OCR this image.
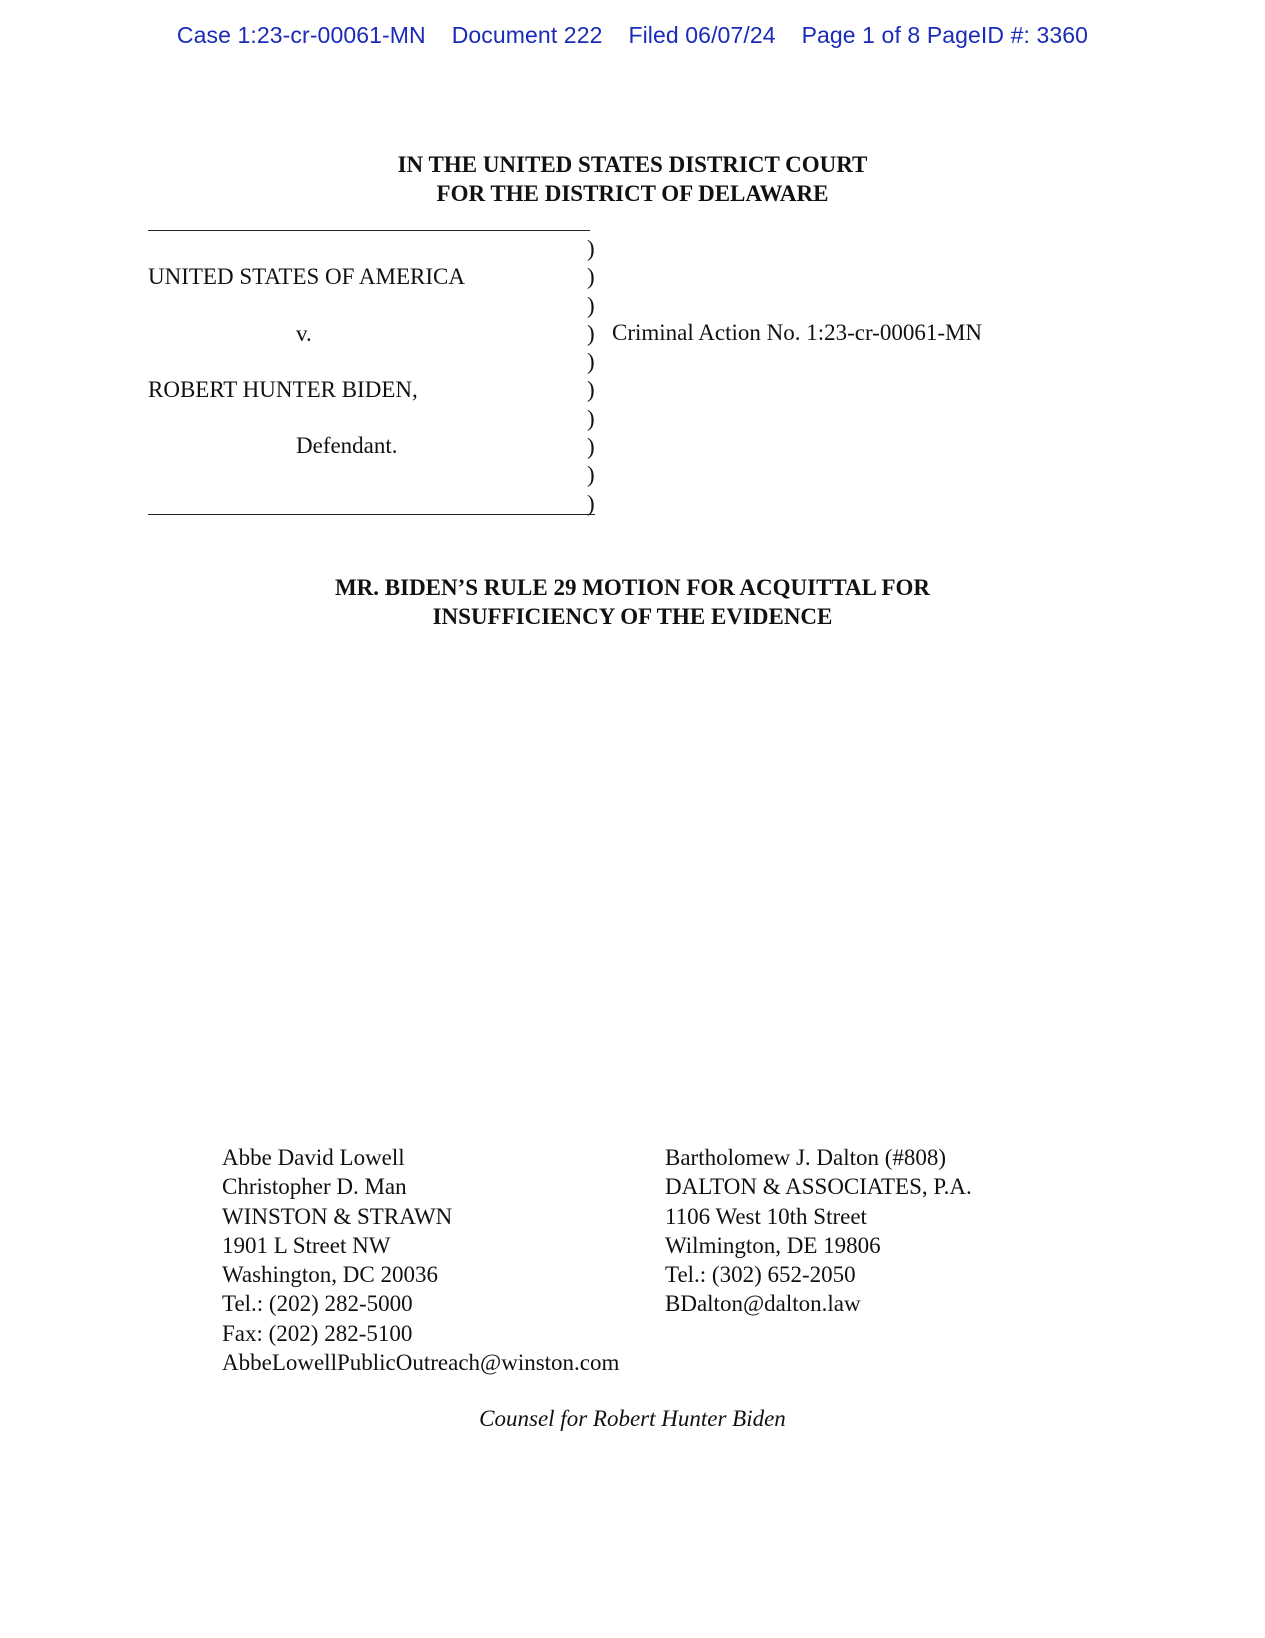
Case 1:23-cr-00061-MN    Document 222    Filed 06/07/24    Page 1 of 8 PageID #: 3360
IN THE UNITED STATES DISTRICT COURT
FOR THE DISTRICT OF DELAWARE
)
)
)
)
)
)
)
)
)
)
UNITED STATES OF AMERICA
v.
ROBERT HUNTER BIDEN,
Defendant.
Criminal Action No. 1:23-cr-00061-MN
MR. BIDEN’S RULE 29 MOTION FOR ACQUITTAL FOR
INSUFFICIENCY OF THE EVIDENCE
Abbe David Lowell
Christopher D. Man
WINSTON & STRAWN
1901 L Street NW
Washington, DC 20036
Tel.: (202) 282-5000
Fax: (202) 282-5100
AbbeLowellPublicOutreach@winston.com
Bartholomew J. Dalton (#808)
DALTON & ASSOCIATES, P.A.
1106 West 10th Street
Wilmington, DE 19806
Tel.: (302) 652-2050
BDalton@dalton.law
Counsel for Robert Hunter Biden
